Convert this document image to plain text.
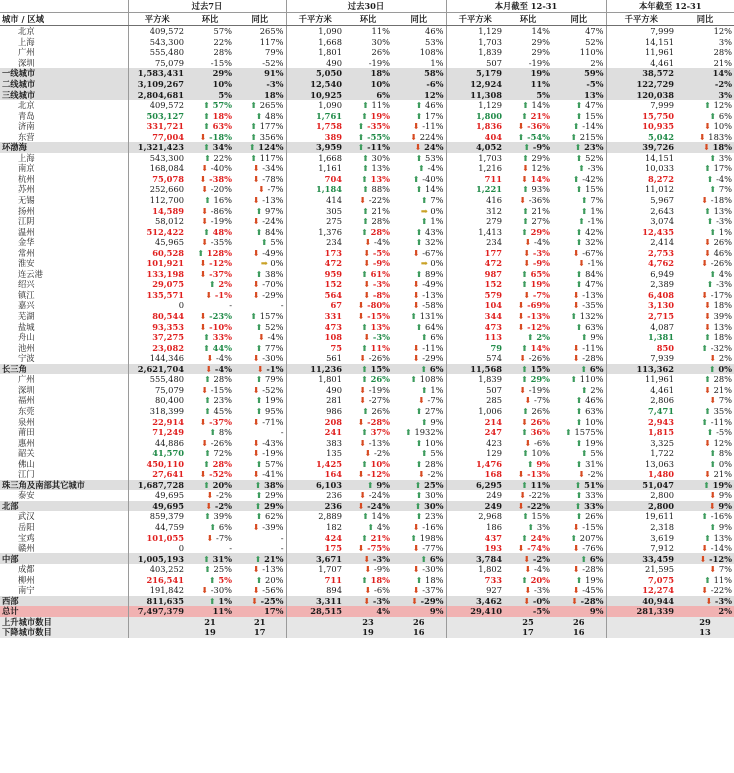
	过去7日			过去30日			本月截至 12-31			本年截至 12-31	
城市 / 区域	平方米	环比	同比	千平方米	环比	同比	千平方米	环比	同比	千平方米	同比
北京	409,572	57%	265%	1,090	11%	46%	1,129	14%	47%	7,999	12%
上海	543,300	22%	117%	1,668	30%	53%	1,703	29%	52%	14,151	3%
广州	555,480	28%	79%	1,801	26%	108%	1,839	29%	110%	11,961	28%
深圳	75,079	-15%	-52%	490	-19%	1%	507	-19%	2%	4,461	21%
一线城市	1,583,431	29%	91%	5,050	18%	58%	5,179	19%	59%	38,572	14%
二线城市	3,109,267	10%	-3%	12,540	10%	-6%	12,924	11%	-5%	122,729	-2%
三线城市	2,804,681	5%	18%	10,925	6%	12%	11,308	5%	13%	120,038	3%
北京	409,572	⬆ 57%	⬆ 265%	1,090	⬆ 11%	⬆ 46%	1,129	⬆ 14%	⬆ 47%	7,999	⬆ 12%
青岛	503,127	⬆ 18%	⬆ 48%	1,761	⬆ 19%	⬆ 17%	1,800	⬆ 21%	⬆ 15%	15,750	⬆ 6%
济南	331,721	⬆ 63%	⬆ 177%	1,758	⬆ -35%	⬇ -11%	1,836	⬇ -36%	⬆ -14%	10,935	⬇ 10%
东营	77,004	⬇ -18%	⬆ 356%	389	⬆ -55%	⬇ 224%	404	⬆ -54%	⬆ 215%	5,042	⬇ 183%
环渤海	1,321,423	⬆ 34%	⬆ 124%	3,959	⬆ -11%	⬇ 24%	4,052	⬆ -9%	⬆ 23%	39,726	⬇ 18%
上海	543,300	⬆ 22%	⬆ 117%	1,668	⬆ 30%	⬆ 53%	1,703	⬆ 29%	⬆ 52%	14,151	⬆ 3%
南京	168,084	⬇ -40%	⬇ -34%	1,161	⬆ 13%	⬆ -4%	1,216	⬇ 12%	⬆ -3%	10,033	⬆ 17%
杭州	75,078	⬇ -38%	⬇ -78%	704	⬆ 13%	⬆ -40%	711	⬇ 14%	⬆ -42%	8,272	⬆ -4%
苏州	252,660	⬇ -20%	⬇ -7%	1,184	⬆ 88%	⬆ 14%	1,221	⬆ 93%	⬆ 15%	11,012	⬆ 7%
无锡	112,700	⬆ 16%	⬇ -13%	414	⬇ -22%	⬆ 7%	416	⬇ -36%	⬆ 7%	5,967	⬇ -18%
扬州	14,589	⬇ -86%	⬆ 97%	305	⬆ 21%	➡ 0%	312	⬆ 21%	⬆ 1%	2,643	⬆ 13%
江阴	58,012	⬇ -19%	⬇ -24%	275	⬆ 28%	⬆ 1%	279	⬆ 27%	⬆ -1%	3,074	⬆ -3%
温州	512,422	⬆ 48%	⬆ 84%	1,376	⬆ 28%	⬆ 43%	1,413	⬆ 29%	⬆ 42%	12,435	⬆ 1%
金华	45,965	⬇ -35%	⬆ 5%	234	⬇ -4%	⬆ 32%	234	⬇ -4%	⬆ 32%	2,414	⬇ 26%
常州	60,528	⬆ 128%	⬇ -49%	173	⬇ -5%	⬇ -67%	177	⬇ -3%	⬇ -67%	2,753	⬇ 46%
淮安	101,921	⬇ -12%	➡ 0%	472	⬇ -9%	➡ 0%	472	⬇ -9%	⬇ -1%	4,762	⬇ -26%
连云港	133,198	⬇ -37%	⬆ 38%	959	⬆ 61%	⬆ 89%	987	⬆ 65%	⬆ 84%	6,949	⬆ 4%
绍兴	29,075	⬆ 2%	⬇ -70%	152	⬇ -3%	⬇ -49%	152	⬆ 19%	⬆ 47%	2,389	⬆ -3%
镇江	135,571	⬇ -1%	⬇ -29%	564	⬇ -8%	⬇ -13%	579	⬇ -7%	⬇ -13%	6,408	⬇ -17%
嘉兴	0	-	-	67	⬇ -80%	⬇ -58%	104	⬇ -69%	⬇ -35%	3,130	⬇ 18%
芜湖	80,544	⬇ -23%	⬆ 157%	331	⬇ -15%	⬆ 131%	344	⬇ -13%	⬆ 132%	2,715	⬇ 39%
盐城	93,353	⬇ -10%	⬆ 52%	473	⬆ 13%	⬆ 64%	473	⬇ -12%	⬆ 63%	4,087	⬇ 13%
舟山	37,275	⬆ 33%	⬇ -4%	108	⬇ -3%	⬆ 6%	113	⬆ 2%	⬆ 9%	1,381	⬆ 18%
池州	23,082	⬆ 44%	⬆ 77%	75	⬆ 11%	⬇ -11%	79	⬆ 14%	⬇ -11%	850	⬆ -32%
宁波	144,346	⬇ -4%	⬇ -30%	561	⬇ -26%	⬇ -29%	574	⬇ -26%	⬇ -28%	7,939	⬇ 2%
长三角	2,621,704	⬇ -4%	⬇ -1%	11,236	⬆ 15%	⬆ 6%	11,568	⬆ 15%	⬆ 6%	113,362	⬆ 0%
广州	555,480	⬆ 28%	⬆ 79%	1,801	⬆ 26%	⬆ 108%	1,839	⬆ 29%	⬆ 110%	11,961	⬆ 28%
深圳	75,079	⬇ -15%	⬇ -52%	490	⬇ -19%	⬆ 1%	507	⬇ -19%	⬆ 2%	4,461	⬇ 21%
福州	80,400	⬆ 23%	⬆ 19%	281	⬇ -27%	⬇ -7%	285	⬇ -7%	⬆ 46%	2,806	⬇ 7%
东莞	318,399	⬆ 45%	⬆ 95%	986	⬆ 26%	⬆ 27%	1,006	⬆ 26%	⬆ 63%	7,471	⬆ 35%
泉州	22,914	⬇ -37%	⬇ -71%	208	⬇ -28%	⬆ 9%	214	⬇ 26%	⬆ 10%	2,943	⬆ -11%
莆田	71,249	⬆ 8%	-	241	⬆ 37%	⬆ 1932%	247	⬆ 36%	⬆ 1575%	1,815	⬆ -5%
惠州	44,886	⬇ -26%	⬇ -43%	383	⬇ -13%	⬆ 10%	423	⬇ -6%	⬆ 19%	3,325	⬇ 12%
韶关	41,570	⬆ 72%	⬇ -19%	135	⬇ -2%	⬆ 5%	129	⬆ 10%	⬆ 5%	1,722	⬆ 8%
佛山	450,110	⬆ 28%	⬆ 57%	1,425	⬆ 10%	⬆ 28%	1,476	⬆ 9%	⬆ 31%	13,063	⬆ 0%
江门	27,641	⬇ -52%	⬇ -41%	164	⬇ -12%	⬇ -2%	168	⬇ -13%	⬇ -2%	1,480	⬇ 21%
珠三角及南部其它城市	1,687,728	⬆ 20%	⬆ 38%	6,103	⬆ 9%	⬆ 25%	6,295	⬆ 11%	⬆ 51%	51,047	⬆ 19%
泰安	49,695	⬇ -2%	⬆ 29%	236	⬇ -24%	⬆ 30%	249	⬇ -22%	⬆ 33%	2,800	⬇ 9%
北部	49,695	⬇ -2%	⬆ 29%	236	⬇ -24%	⬆ 30%	249	⬇ -22%	⬆ 33%	2,800	⬇ 9%
武汉	859,379	⬆ 39%	⬆ 62%	2,889	⬆ 14%	⬆ 23%	2,968	⬆ 15%	⬆ 26%	19,611	⬆ -16%
岳阳	44,759	⬆ 6%	⬇ -39%	182	⬆ 4%	⬇ -16%	186	⬆ 3%	⬇ -15%	2,318	⬆ 9%
宝鸡	101,055	⬇ -7%	-	424	⬆ 21%	⬆ 198%	437	⬆ 24%	⬆ 207%	3,619	⬆ 13%
赣州	0	-	-	175	⬇ -75%	⬇ -77%	193	⬇ -74%	⬇ -76%	7,912	⬇ -14%
中部	1,005,193	⬆ 31%	⬆ 21%	3,671	⬇ -3%	⬆ 6%	3,784	⬇ -2%	⬆ 6%	33,459	⬇ -12%
成都	403,252	⬆ 25%	⬇ -13%	1,707	⬇ -9%	⬇ -30%	1,802	⬇ -4%	⬇ -28%	21,595	⬇ 7%
柳州	216,541	⬆ 5%	⬆ 20%	711	⬆ 18%	⬆ 18%	733	⬆ 20%	⬆ 19%	7,075	⬆ 11%
南宁	191,842	⬇ -30%	⬇ -56%	894	⬇ -6%	⬇ -37%	927	⬇ -3%	⬇ -45%	12,274	⬇ -22%
西部	811,635	⬆ 1%	⬇ -25%	3,311	⬇ -3%	⬇ -29%	3,462	⬇ -0%	⬇ -28%	40,944	⬇ -3%
总计	7,497,379	11%	17%	28,515	4%	9%	29,410	-5%	9%	281,339	2%
上升城市数目		21	21		23	26		25	26		29
下降城市数目		19	17		19	16		17	16		13
